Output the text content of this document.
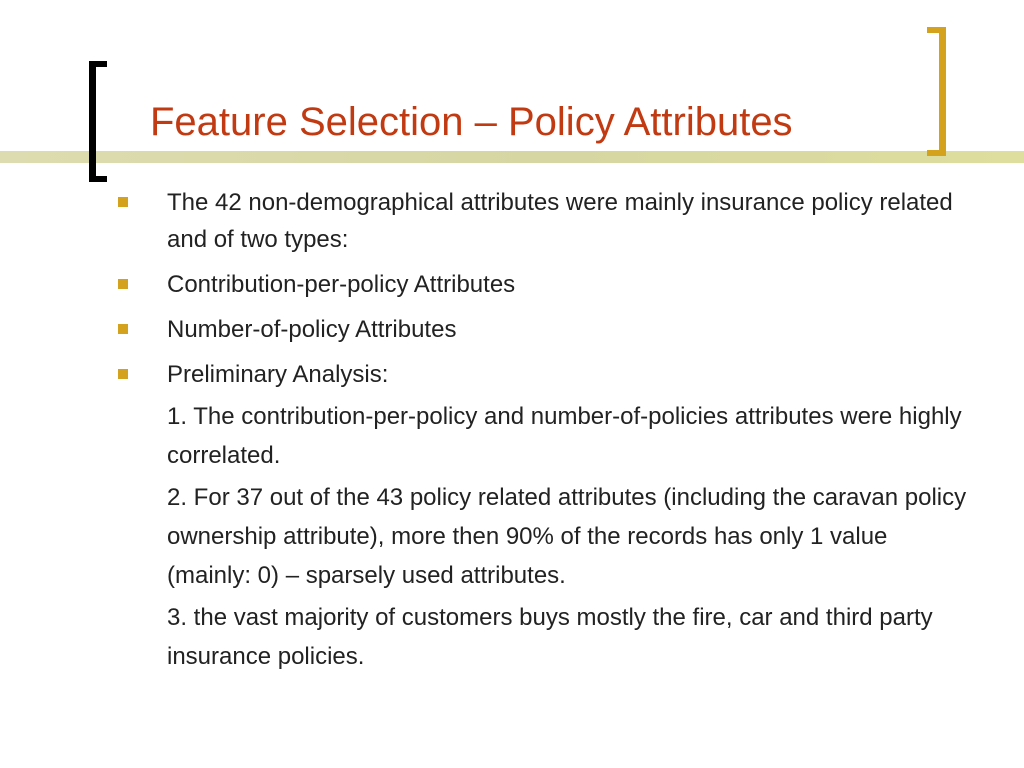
Feature Selection – Policy Attributes
The 42 non-demographical attributes were mainly insurance policy related and of two types:
Contribution-per-policy Attributes
Number-of-policy Attributes
Preliminary Analysis:
1. The contribution-per-policy and number-of-policies attributes were highly correlated.
2. For 37 out of the 43 policy related attributes (including the caravan policy ownership attribute), more then 90% of the records has only 1 value (mainly: 0) – sparsely used attributes.
3. the vast majority of customers buys mostly the fire, car and third party insurance policies.
